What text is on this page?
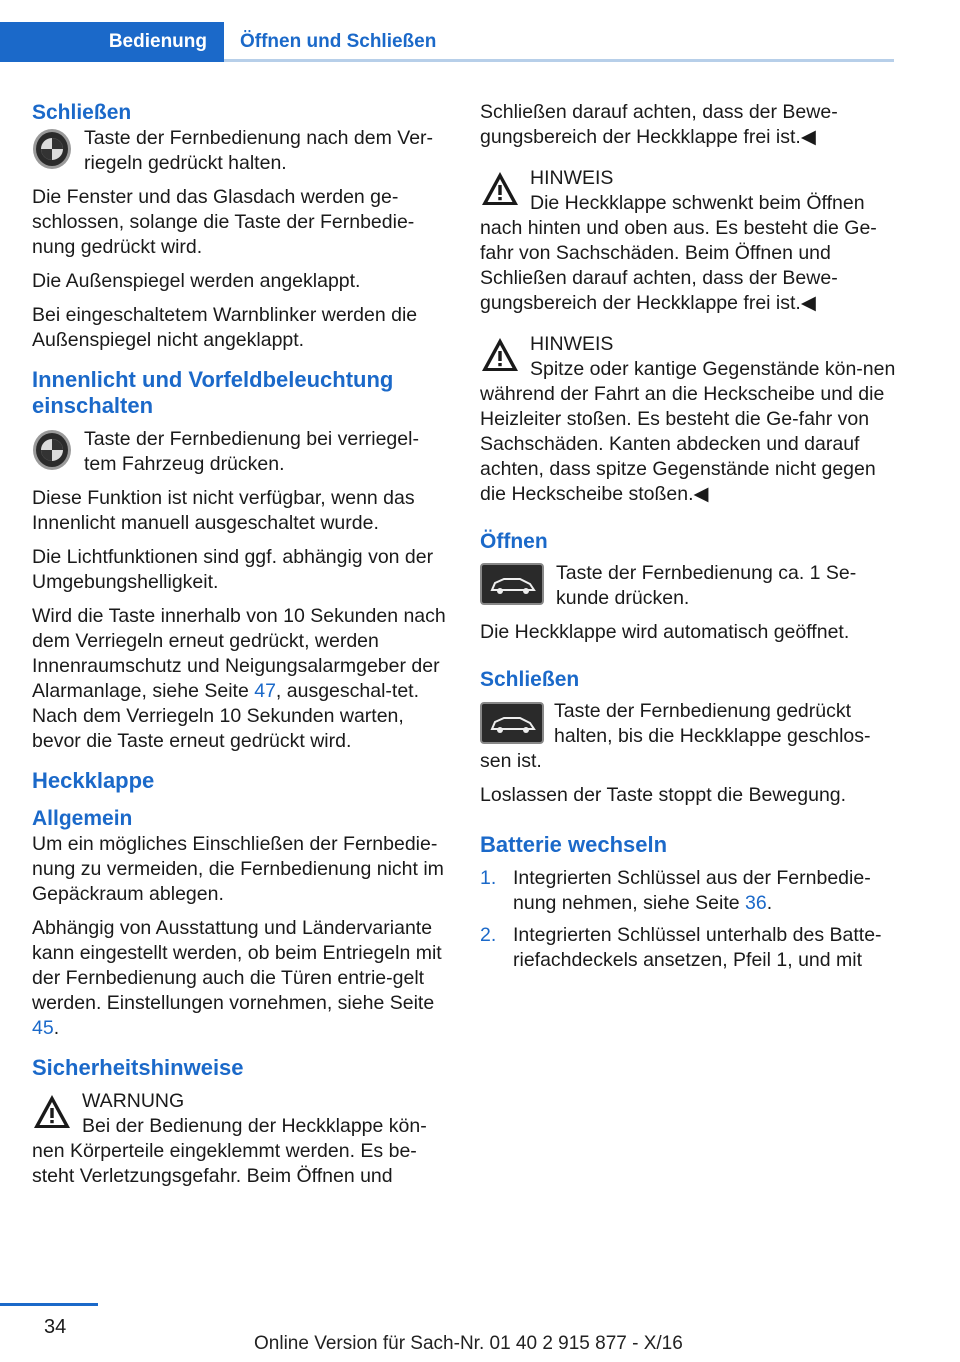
Bedienung	Öffnen und Schließen
Schließen
Taste der Fernbedienung nach dem Ver‐riegeln gedrückt halten.

Die Fenster und das Glasdach werden ge‐schlossen, solange die Taste der Fernbedie‐nung gedrückt wird.

Die Außenspiegel werden angeklappt.

Bei eingeschaltetem Warnblinker werden die Außenspiegel nicht angeklappt.

Innenlicht und Vorfeldbeleuchtung einschalten
Taste der Fernbedienung bei verriegel‐tem Fahrzeug drücken.

Diese Funktion ist nicht verfügbar, wenn das Innenlicht manuell ausgeschaltet wurde.

Die Lichtfunktionen sind ggf. abhängig von der Umgebungshelligkeit.

Wird die Taste innerhalb von 10 Sekunden nach dem Verriegeln erneut gedrückt, werden Innenraumschutz und Neigungsalarmgeber der Alarmanlage, siehe Seite 47, ausgeschal‐tet. Nach dem Verriegeln 10 Sekunden warten, bevor die Taste erneut gedrückt wird.

Heckklappe
Allgemein

Um ein mögliches Einschließen der Fernbedie‐nung zu vermeiden, die Fernbedienung nicht im Gepäckraum ablegen.

Abhängig von Ausstattung und Ländervariante kann eingestellt werden, ob beim Entriegeln mit der Fernbedienung auch die Türen entrie‐gelt werden. Einstellungen vornehmen, siehe Seite 45.

Sicherheitshinweise
WARNUNG
Bei der Bedienung der Heckklappe kön‐nen Körperteile eingeklemmt werden. Es be‐steht Verletzungsgefahr. Beim Öffnen und

Schließen darauf achten, dass der Bewe‐gungsbereich der Heckklappe frei ist.◀

HINWEIS
Die Heckklappe schwenkt beim Öffnen nach hinten und oben aus. Es besteht die Ge‐fahr von Sachschäden. Beim Öffnen und Schließen darauf achten, dass der Bewe‐gungsbereich der Heckklappe frei ist.◀
HINWEIS
Spitze oder kantige Gegenstände kön‐nen während der Fahrt an die Heckscheibe und die Heizleiter stoßen. Es besteht die Ge‐fahr von Sachschäden. Kanten abdecken und darauf achten, dass spitze Gegenstände nicht gegen die Heckscheibe stoßen.◀
Öffnen
Taste der Fernbedienung ca. 1 Se‐kunde drücken.

Die Heckklappe wird automatisch geöffnet.

Schließen
Taste der Fernbedienung gedrückt halten, bis die Heckklappe geschlos‐sen ist.

Loslassen der Taste stoppt die Bewegung.

Batterie wechseln
1. Integrierten Schlüssel aus der Fernbedie‐nung nehmen, siehe Seite 36.
2. Integrierten Schlüssel unterhalb des Batte‐riefachdeckels ansetzen, Pfeil 1, und mit
34
Online Version für Sach-Nr. 01 40 2 915 877 - X/16
